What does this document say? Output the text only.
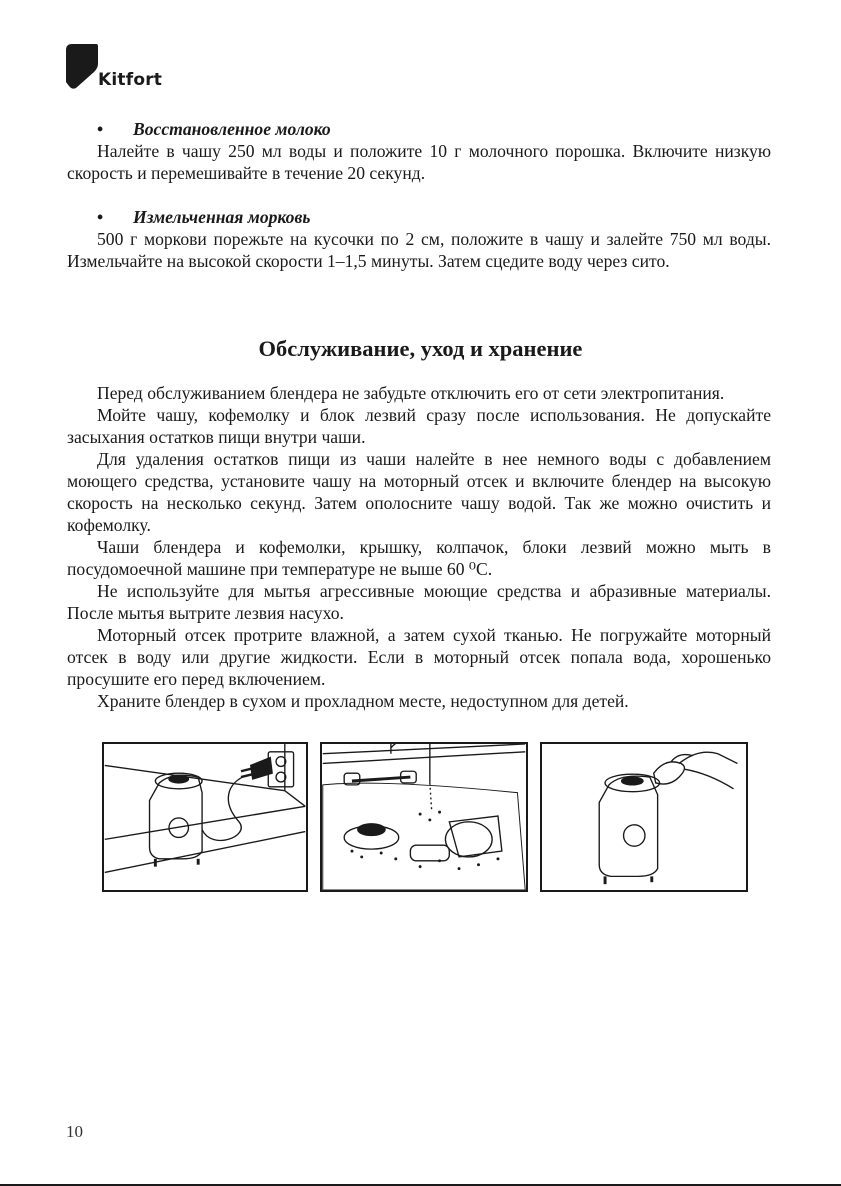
Kitfort
• Восстановленное молоко

Налейте в чашу 250 мл воды и положите 10 г молочного порошка. Включите низкую скорость и перемешивайте в течение 20 секунд.

• Измельченная морковь

500 г моркови порежьте на кусочки по 2 см, положите в чашу и залейте 750 мл воды. Измельчайте на высокой скорости 1–1,5 минуты. Затем сцедите воду через сито.

Обслуживание, уход и хранение

Перед обслуживанием блендера не забудьте отключить его от сети электропитания.

Мойте чашу, кофемолку и блок лезвий сразу после использования. Не допускайте засыхания остатков пищи внутри чаши.

Для удаления остатков пищи из чаши налейте в нее немного воды с добавлением моющего средства, установите чашу на моторный отсек и включите блендер на высокую скорость на несколько секунд. Затем ополосните чашу водой. Так же можно очистить и кофемолку.

Чаши блендера и кофемолки, крышку, колпачок, блоки лезвий можно мыть в посудомоечной машине при температуре не выше 60 ⁰С.

Не используйте для мытья агрессивные моющие средства и абразивные материалы. После мытья вытрите лезвия насухо.

Моторный отсек протрите влажной, а затем сухой тканью. Не погружайте моторный отсек в воду или другие жидкости. Если в моторный отсек попала вода, хорошенько просушите его перед включением.

Храните блендер в сухом и прохладном месте, недоступном для детей.

10
